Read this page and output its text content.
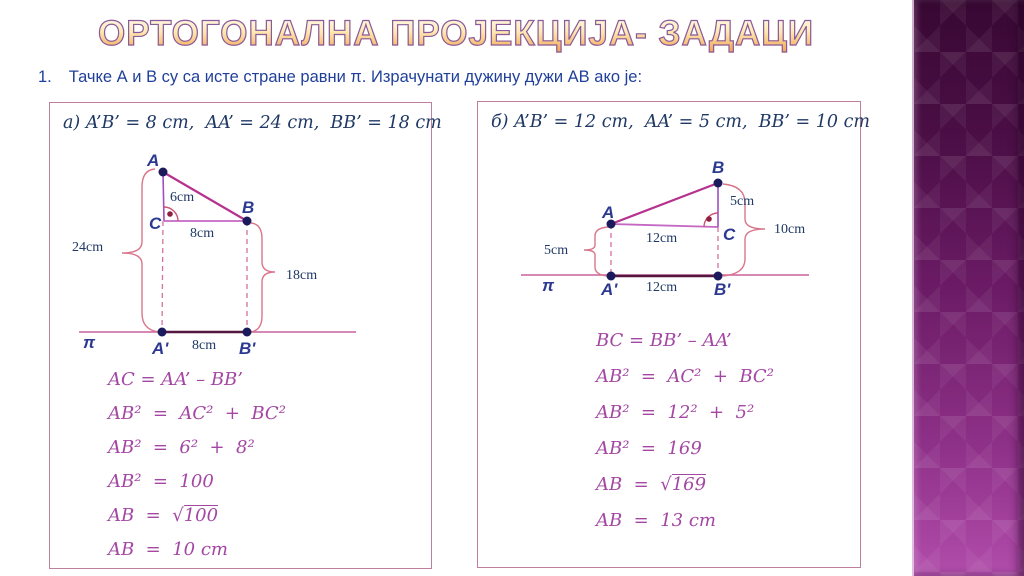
ОРТОГОНАЛНА ПРОЈЕКЦИЈА- ЗАДАЦИ
1. Тачке А и В су са исте стране равни π. Израчунати дужину дужи АВ ако је:
а) A’B’ = 8 cm,  AA’ = 24 cm,  BB’ = 18 cm
A
B
C
A'	B'
π
6cm
8cm
24cm
18cm
8cm
AC = AA’ – BB’
AB²  =  AC²  +  BC²
AB²  =  6²  +  8²
AB²  =  100
AB  =  √100
AB  =  10 cm
б) A’B’ = 12 cm,  AA’ = 5 cm,  BB’ = 10 cm
B
A
C
A'	B'
π
5cm
12cm
10cm
5cm
12cm
BC = BB’ – AA’
AB²  =  AC²  +  BC²
AB²  =  12²  +  5²
AB²  =  169
AB  =  √169
AB  =  13 cm
